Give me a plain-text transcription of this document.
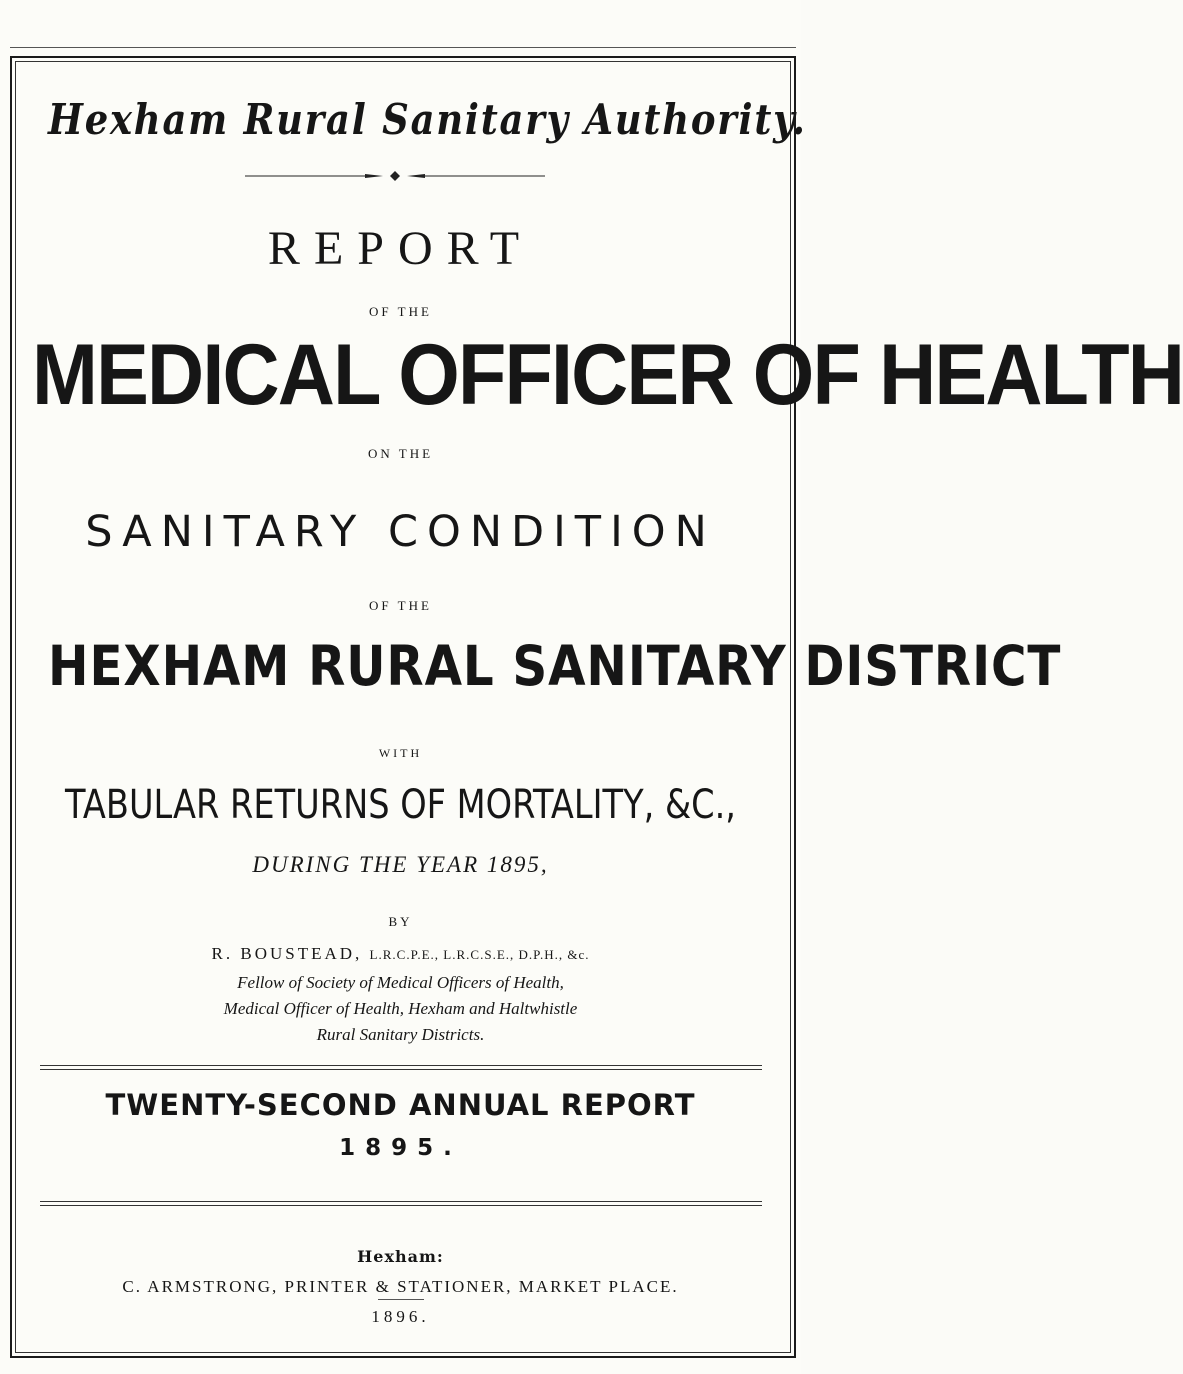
Hexham Rural Sanitary Authority.
REPORT
OF THE
MEDICAL OFFICER OF HEALTH
ON THE
SANITARY CONDITION
OF THE
HEXHAM RURAL SANITARY DISTRICT
WITH
TABULAR RETURNS OF MORTALITY, &C.,
DURING THE YEAR 1895,
BY
R. BOUSTEAD, L.R.C.P.E., L.R.C.S.E., D.P.H., &c.
Fellow of Society of Medical Officers of Health,
Medical Officer of Health, Hexham and Haltwhistle
Rural Sanitary Districts.
TWENTY-SECOND ANNUAL REPORT
1895.
Hexham:
C. ARMSTRONG, PRINTER & STATIONER, MARKET PLACE.
1896.
